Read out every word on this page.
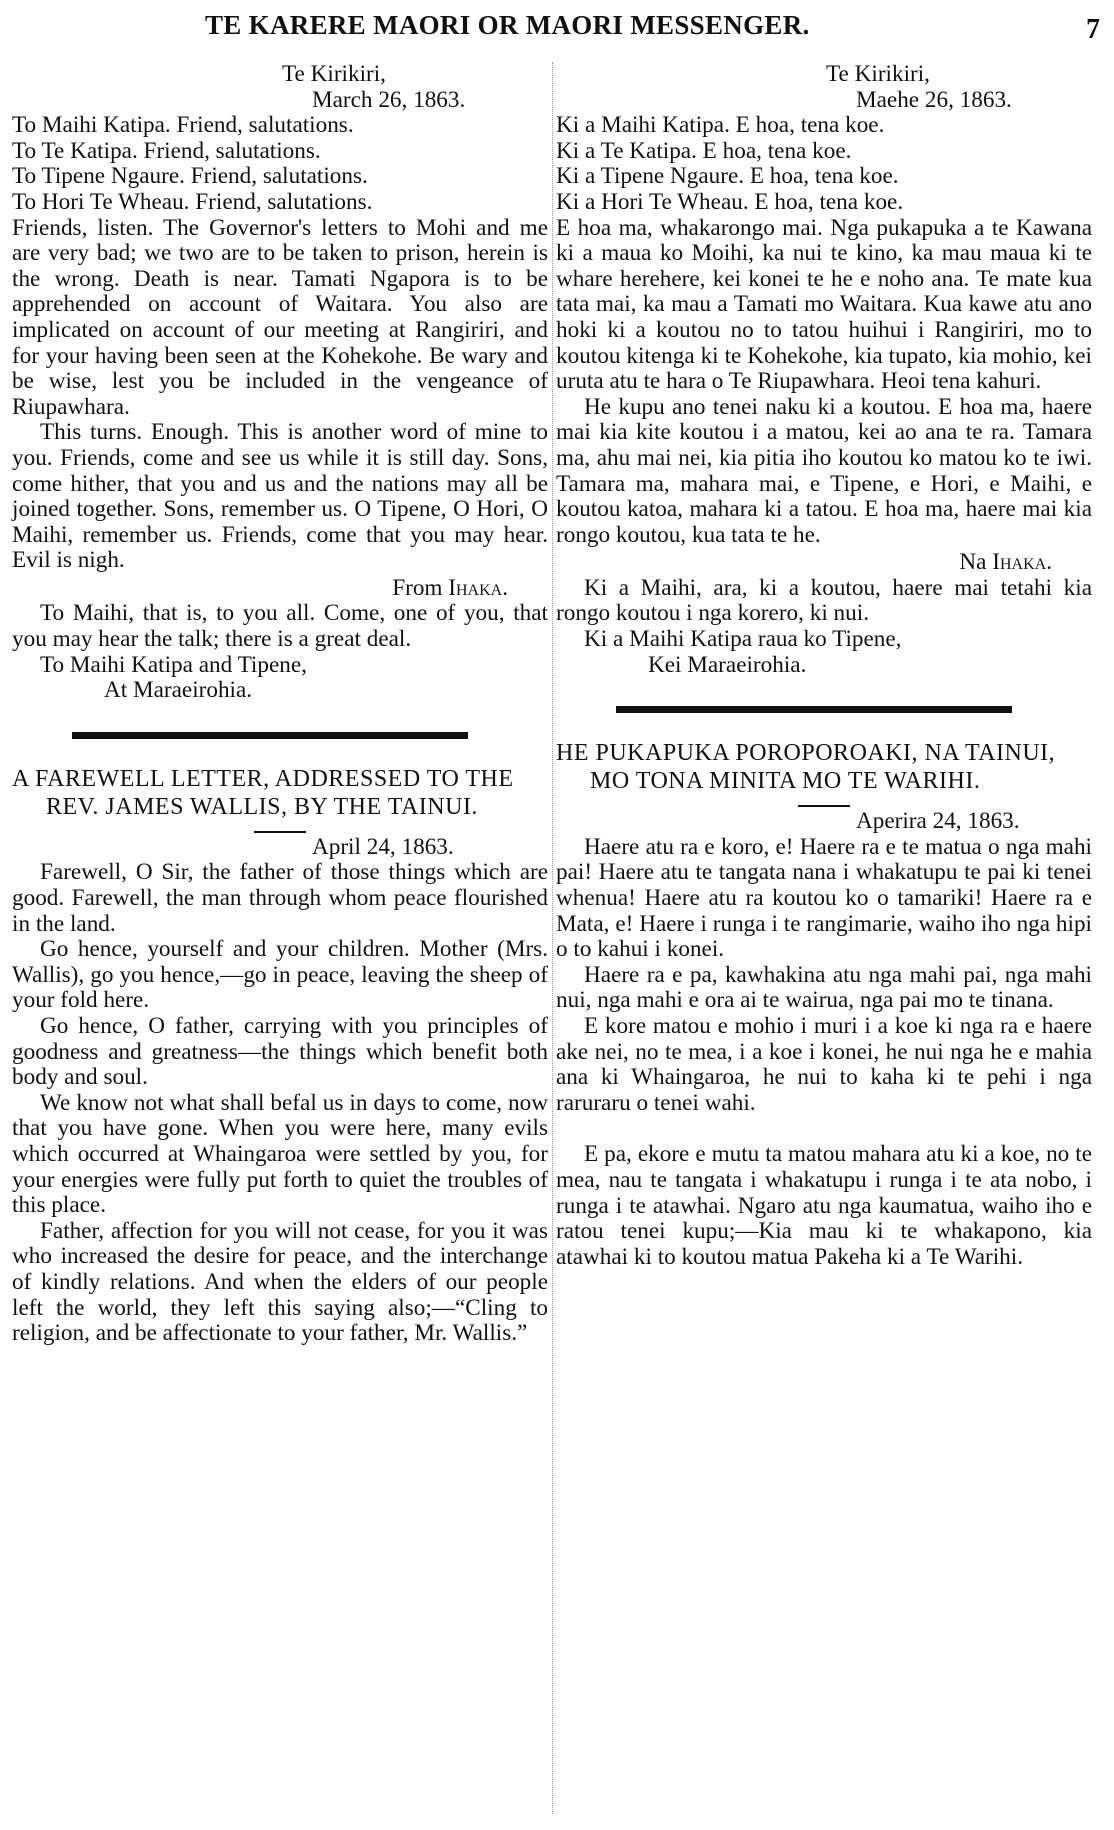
TE KARERE MAORI OR MAORI MESSENGER.	7

Te Kirikiri,

March 26, 1863.

To Maihi Katipa. Friend, salutations.

To Te Katipa. Friend, salutations.

To Tipene Ngaure. Friend, salutations.

To Hori Te Wheau. Friend, salutations.

Friends, listen. The Governor's letters to Mohi and me are very bad; we two are to be taken to prison, herein is the wrong. Death is near. Tamati Ngapora is to be apprehended on account of Waitara. You also are implicated on account of our meeting at Rangiriri, and for your having been seen at the Kohekohe. Be wary and be wise, lest you be included in the vengeance of Riupawhara.

This turns. Enough. This is another word of mine to you. Friends, come and see us while it is still day. Sons, come hither, that you and us and the nations may all be joined together. Sons, remember us. O Tipene, O Hori, O Maihi, remember us. Friends, come that you may hear. Evil is nigh.

From Ihaka.

To Maihi, that is, to you all. Come, one of you, that you may hear the talk; there is a great deal.

To Maihi Katipa and Tipene,

At Maraeirohia.

A FAREWELL LETTER, ADDRESSED TO THE REV. JAMES WALLIS, BY THE TAINUI.

April 24, 1863.

Farewell, O Sir, the father of those things which are good. Farewell, the man through whom peace flourished in the land.

Go hence, yourself and your children. Mother (Mrs. Wallis), go you hence,—go in peace, leaving the sheep of your fold here.

Go hence, O father, carrying with you principles of goodness and greatness—the things which benefit both body and soul.

We know not what shall befal us in days to come, now that you have gone. When you were here, many evils which occurred at Whaingaroa were settled by you, for your energies were fully put forth to quiet the troubles of this place.

Father, affection for you will not cease, for you it was who increased the desire for peace, and the interchange of kindly relations. And when the elders of our people left the world, they left this saying also;—“Cling to religion, and be affectionate to your father, Mr. Wallis.”

Te Kirikiri,

Maehe 26, 1863.

Ki a Maihi Katipa. E hoa, tena koe.

Ki a Te Katipa. E hoa, tena koe.

Ki a Tipene Ngaure. E hoa, tena koe.

Ki a Hori Te Wheau. E hoa, tena koe.

E hoa ma, whakarongo mai. Nga pukapuka a te Kawana ki a maua ko Moihi, ka nui te kino, ka mau maua ki te whare herehere, kei konei te he e noho ana. Te mate kua tata mai, ka mau a Tamati mo Waitara. Kua kawe atu ano hoki ki a koutou no to tatou huihui i Rangiriri, mo to koutou kitenga ki te Kohekohe, kia tupato, kia mohio, kei uruta atu te hara o Te Riupawhara. Heoi tena kahuri.

He kupu ano tenei naku ki a koutou. E hoa ma, haere mai kia kite koutou i a matou, kei ao ana te ra. Tamara ma, ahu mai nei, kia pitia iho koutou ko matou ko te iwi. Tamara ma, mahara mai, e Tipene, e Hori, e Maihi, e koutou katoa, mahara ki a tatou. E hoa ma, haere mai kia rongo koutou, kua tata te he.

Na Ihaka.

Ki a Maihi, ara, ki a koutou, haere mai tetahi kia rongo koutou i nga korero, ki nui.

Ki a Maihi Katipa raua ko Tipene,

Kei Maraeirohia.

HE PUKAPUKA POROPOROAKI, NA TAINUI, MO TONA MINITA MO TE WARIHI.

Aperira 24, 1863.

Haere atu ra e koro, e! Haere ra e te matua o nga mahi pai! Haere atu te tangata nana i whakatupu te pai ki tenei whenua! Haere atu ra koutou ko o tamariki! Haere ra e Mata, e! Haere i runga i te rangimarie, waiho iho nga hipi o to kahui i konei.

Haere ra e pa, kawhakina atu nga mahi pai, nga mahi nui, nga mahi e ora ai te wairua, nga pai mo te tinana.

E kore matou e mohio i muri i a koe ki nga ra e haere ake nei, no te mea, i a koe i konei, he nui nga he e mahia ana ki Whaingaroa, he nui to kaha ki te pehi i nga raruraru o tenei wahi.

E pa, ekore e mutu ta matou mahara atu ki a koe, no te mea, nau te tangata i whakatupu i runga i te ata nobo, i runga i te atawhai. Ngaro atu nga kaumatua, waiho iho e ratou tenei kupu;—Kia mau ki te whakapono, kia atawhai ki to koutou matua Pakeha ki a Te Warihi.
